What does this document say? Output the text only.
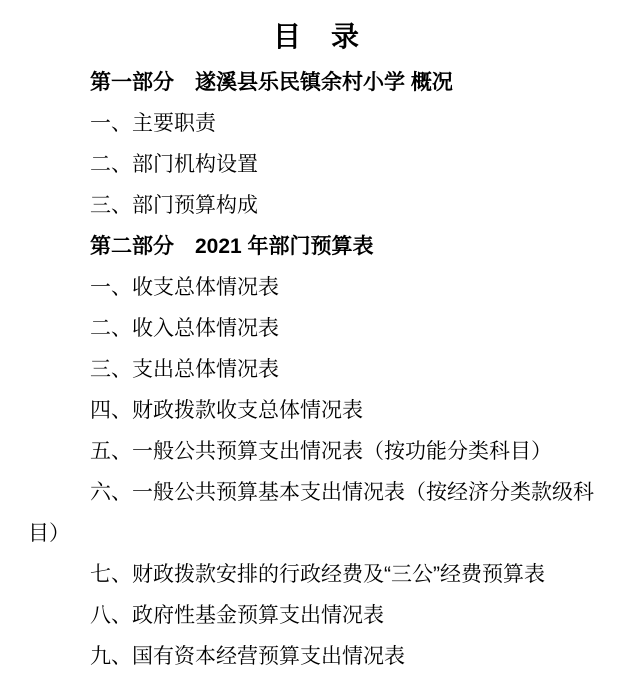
目　录

第一部分　遂溪县乐民镇余村小学 概况

一、主要职责

二、部门机构设置

三、部门预算构成

第二部分　2021 年部门预算表

一、收支总体情况表

二、收入总体情况表

三、支出总体情况表

四、财政拨款收支总体情况表

五、一般公共预算支出情况表（按功能分类科目）

六、一般公共预算基本支出情况表（按经济分类款级科目）

七、财政拨款安排的行政经费及“三公”经费预算表

八、政府性基金预算支出情况表

九、国有资本经营预算支出情况表
